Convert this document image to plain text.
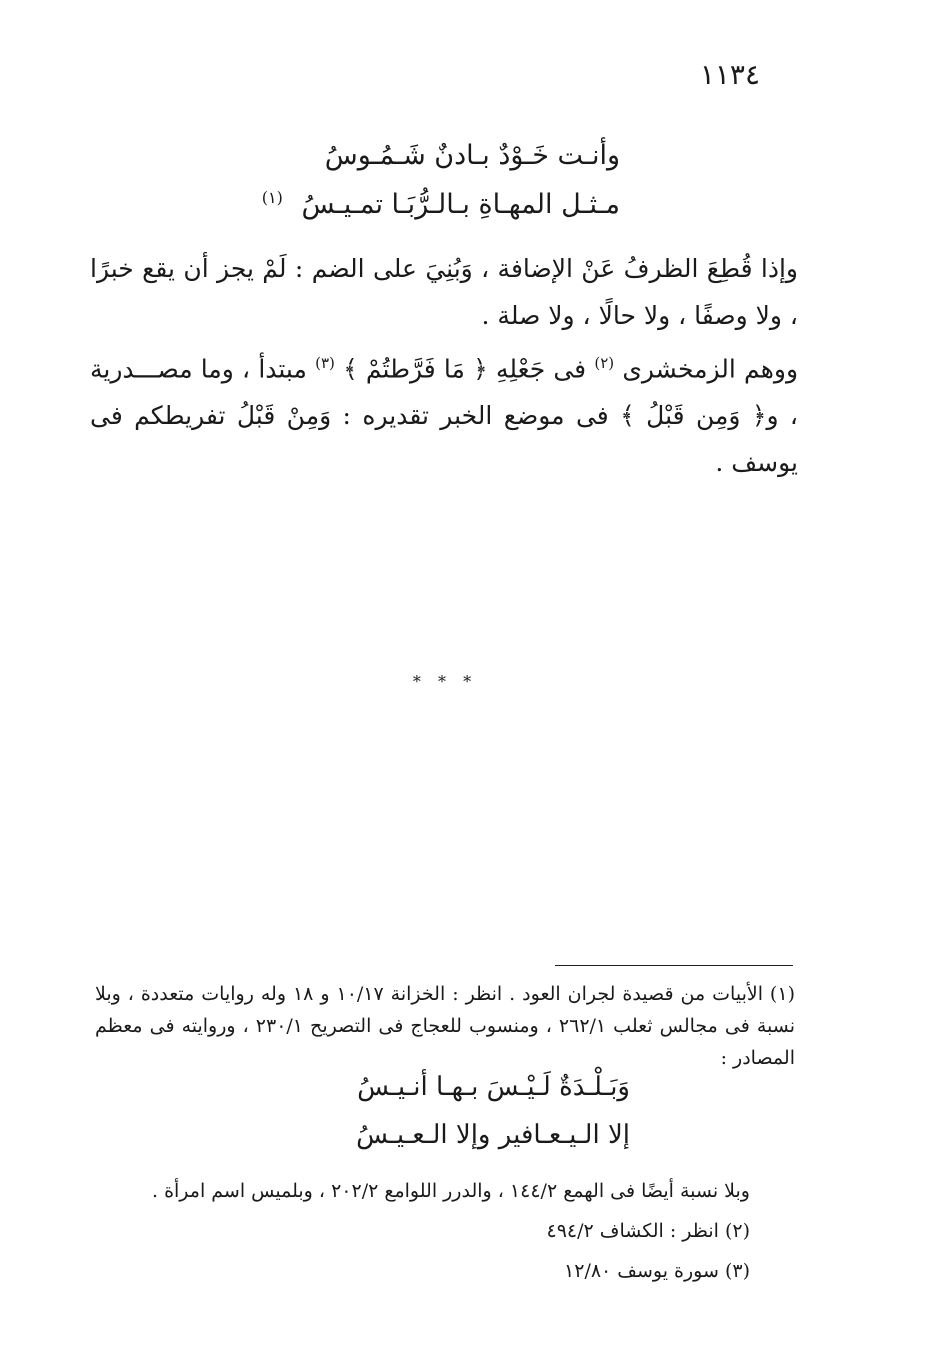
١١٣٤
وأنـت خَـوْدٌ بـادنٌ شَـمُـوسُ
مـثـل المهـاةِ بـالـرُّبَـا تمـيـسُ $^{(١)}$
وإذا قُطِعَ الظرفُ عَنْ الإضافة ، وَبُنِيَ على الضم : لَمْ يجز أن يقع خبرًا ، ولا وصفًا ، ولا حالًا ، ولا صلة .
ووهم الزمخشرى $^{(٢)}$ فى جَعْلِهِ ﴿ مَا فَرَّطتُمْ ﴾ $^{(٣)}$ مبتدأ ، وما مصـــدرية ، و﴿ وَمِن قَبْلُ ﴾ فى موضع الخبر تقديره : وَمِنْ قَبْلُ تفريطكم فى يوسف .
* * *
(١) الأبيات من قصيدة لجران العود . انظر : الخزانة ١٠/١٧ و ١٨ وله روايات متعددة ، وبلا نسبة فى مجالس ثعلب ٢٦٢/١ ، ومنسوب للعجاج فى التصريح ٢٣٠/١ ، وروايته فى معظم المصادر :
وَبَـلْـدَةٌ لَـيْـسَ بـهـا أنـيـسُ
إلا الـيـعـافير وإلا الـعـيـسُ
وبلا نسبة أيضًا فى الهمع ١٤٤/٢ ، والدرر اللوامع ٢٠٢/٢ ، وبلميس اسم امرأة .
(٢) انظر : الكشاف ٤٩٤/٢
(٣) سورة يوسف ١٢/٨٠
